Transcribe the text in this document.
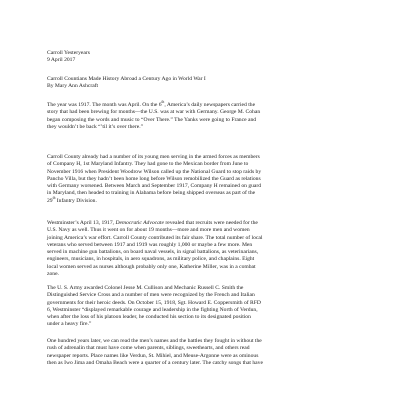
Carroll Yesteryears
9 April 2017
Carroll Countians Made History Abroad a Century Ago in World War I
By Mary Ann Ashcraft

The year was 1917. The month was April. On the 6th, America’s daily newspapers carried the
story that had been brewing for months—the U.S. was at war with Germany. George M. Cohan
began composing the words and music to “Over There.” The Yanks were going to France and
they wouldn’t be back “’til it’s over there.”

Carroll County already had a number of its young men serving in the armed forces as members
of Company H, 1st Maryland Infantry. They had gone to the Mexican border from June to
November 1916 when President Woodrow Wilson called up the National Guard to stop raids by
Pancho Villa, but they hadn’t been home long before Wilson remobilized the Guard as relations
with Germany worsened. Between March and September 1917, Company H remained on guard
in Maryland, then headed to training in Alabama before being shipped overseas as part of the
29th Infantry Division.

Westminster’s April 13, 1917, Democratic Advocate revealed that recruits were needed for the
U.S. Navy as well. Thus it went on for about 19 months—more and more men and women
joining America’s war effort. Carroll County contributed its fair share. The total number of local
veterans who served between 1917 and 1919 was roughly 1,000 or maybe a few more. Men
served in machine gun battalions, on board naval vessels, in signal battalions, as veterinarians,
engineers, musicians, in hospitals, in aero squadrons, as military police, and chaplains. Eight
local women served as nurses although probably only one, Katherine Miller, was in a combat
zone.

The U. S. Army awarded Colonel Jesse M. Cullison and Mechanic Russell C. Smith the
Distinguished Service Cross and a number of men were recognized by the French and Italian
governments for their heroic deeds. On October 15, 1918, Sgt. Howard E. Coppersmith of RFD
6, Westminster “displayed remarkable courage and leadership in the fighting North of Verdun,
when after the loss of his platoon leader, he conducted his section to its designated position
under a heavy fire.”

One hundred years later, we can read the men’s names and the battles they fought in without the
rush of adrenalin that must have come when parents, siblings, sweethearts, and others read
newspaper reports. Place names like Verdun, St. Mihiel, and Meuse-Argonne were as ominous
then as Iwo Jima and Omaha Beach were a quarter of a century later. The catchy songs that have
